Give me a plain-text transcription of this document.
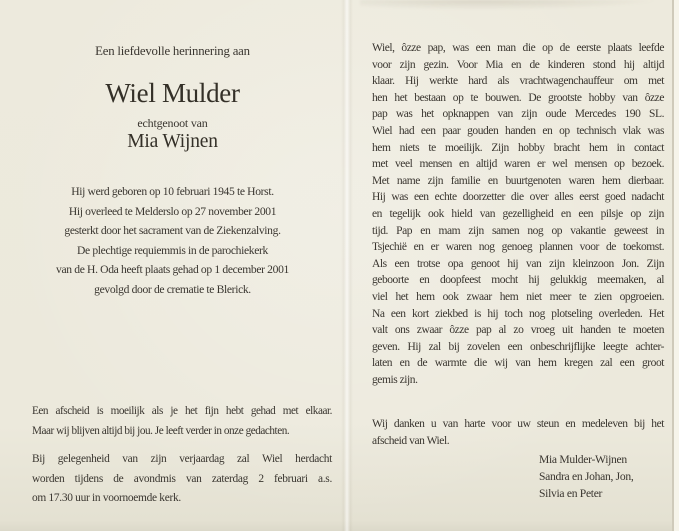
Een liefdevolle herinnering aan
Wiel Mulder
echtgenoot van
Mia Wijnen
Hij werd geboren op 10 februari 1945 te Horst.
Hij overleed te Melderslo op 27 november 2001
gesterkt door het sacrament van de Ziekenzalving.
De plechtige requiemmis in de parochiekerk
van de H. Oda heeft plaats gehad op 1 december 2001
gevolgd door de crematie te Blerick.
Een afscheid is moeilijk als je het fijn hebt gehad met elkaar.
Maar wij blijven altijd bij jou. Je leeft verder in onze gedachten.
Bij gelegenheid van zijn verjaardag zal Wiel herdacht
worden tijdens de avondmis van zaterdag 2 februari a.s.
om 17.30 uur in voornoemde kerk.
Wiel, ôzze pap, was een man die op de eerste plaats leefde
voor zijn gezin. Voor Mia en de kinderen stond hij altijd
klaar. Hij werkte hard als vrachtwagenchauffeur om met
hen het bestaan op te bouwen. De grootste hobby van ôzze
pap was het opknappen van zijn oude Mercedes 190 SL.
Wiel had een paar gouden handen en op technisch vlak was
hem niets te moeilijk. Zijn hobby bracht hem in contact
met veel mensen en altijd waren er wel mensen op bezoek.
Met name zijn familie en buurtgenoten waren hem dierbaar.
Hij was een echte doorzetter die over alles eerst goed nadacht
en tegelijk ook hield van gezelligheid en een pilsje op zijn
tijd. Pap en mam zijn samen nog op vakantie geweest in
Tsjechië en er waren nog genoeg plannen voor de toekomst.
Als een trotse opa genoot hij van zijn kleinzoon Jon. Zijn
geboorte en doopfeest mocht hij gelukkig meemaken, al
viel het hem ook zwaar hem niet meer te zien opgroeien.
Na een kort ziekbed is hij toch nog plotseling overleden. Het
valt ons zwaar ôzze pap al zo vroeg uit handen te moeten
geven. Hij zal bij zovelen een onbeschrijflijke leegte achter-
laten en de warmte die wij van hem kregen zal een groot
gemis zijn.
Wij danken u van harte voor uw steun en medeleven bij het
afscheid van Wiel.
Mia Mulder-Wijnen
Sandra en Johan, Jon,
Silvia en Peter
